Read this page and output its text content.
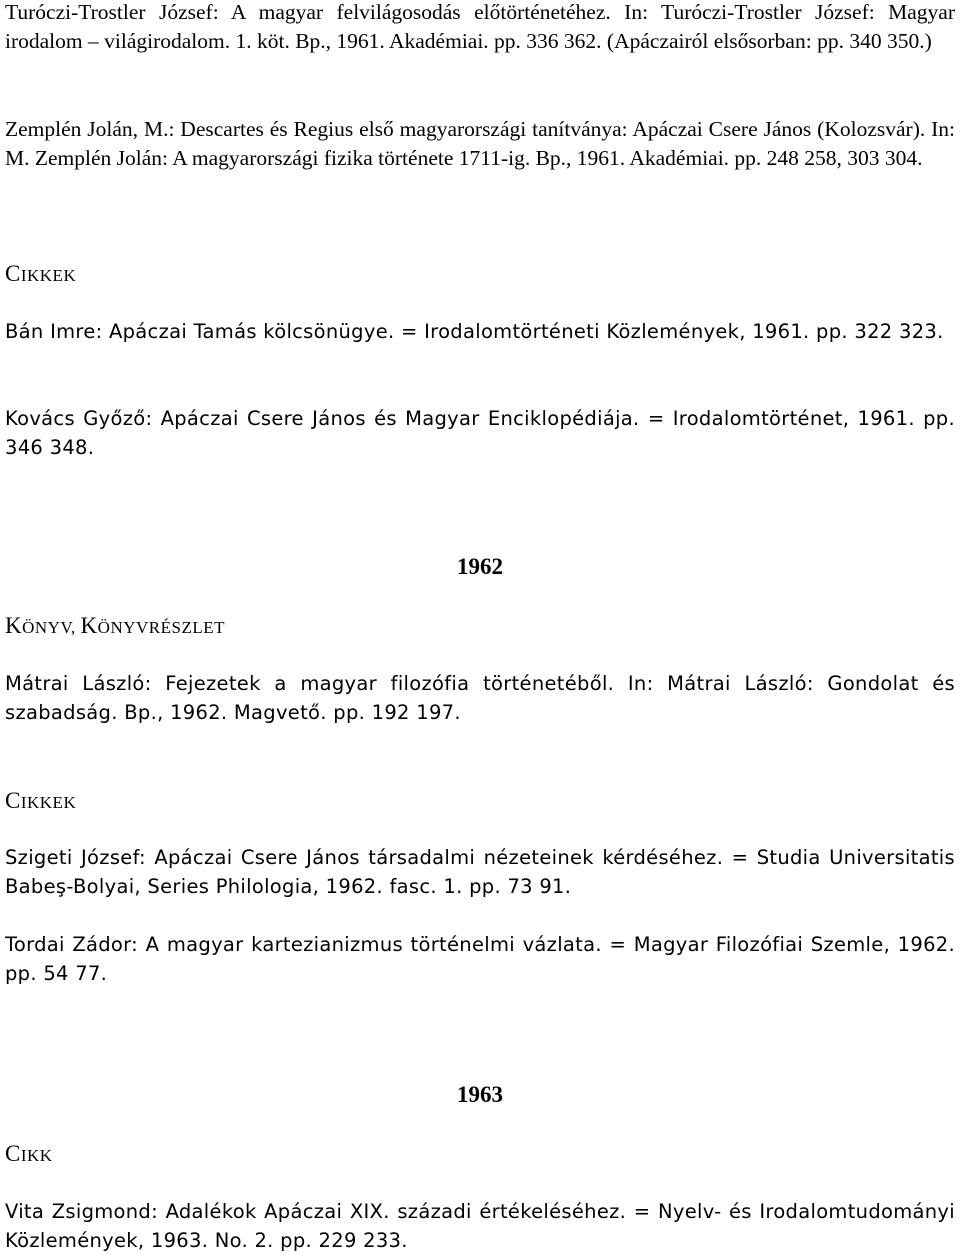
Turóczi-Trostler József: A magyar felvilágosodás előtörténetéhez. In: Turóczi-Trostler József: Magyar irodalom – világirodalom. 1. köt. Bp., 1961. Akadémiai. pp. 336 362. (Apáczairól elsősorban: pp. 340 350.)

Zemplén Jolán, M.: Descartes és Regius első magyarországi tanítványa: Apáczai Csere János (Kolozsvár). In: M. Zemplén Jolán: A magyarországi fizika története 1711-ig. Bp., 1961. Akadémiai. pp. 248 258, 303 304.

CIKKEK

Bán Imre: Apáczai Tamás kölcsönügye. = Irodalomtörténeti Közlemények, 1961. pp. 322 323.

Kovács Győző: Apáczai Csere János és Magyar Enciklopédiája. = Irodalomtörténet, 1961. pp. 346 348.

1962
KÖNYV, KÖNYVRÉSZLET

Mátrai László: Fejezetek a magyar filozófia történetéből. In: Mátrai László: Gondolat és szabadság. Bp., 1962. Magvető. pp. 192 197.

CIKKEK

Szigeti József: Apáczai Csere János társadalmi nézeteinek kérdéséhez. = Studia Universitatis Babeş-Bolyai, Series Philologia, 1962. fasc. 1. pp. 73 91.

Tordai Zádor: A magyar kartezianizmus történelmi vázlata. = Magyar Filozófiai Szemle, 1962. pp. 54 77.

1963
CIKK

Vita Zsigmond: Adalékok Apáczai XIX. századi értékeléséhez. = Nyelv- és Irodalomtudományi Közlemények, 1963. No. 2. pp. 229 233.
